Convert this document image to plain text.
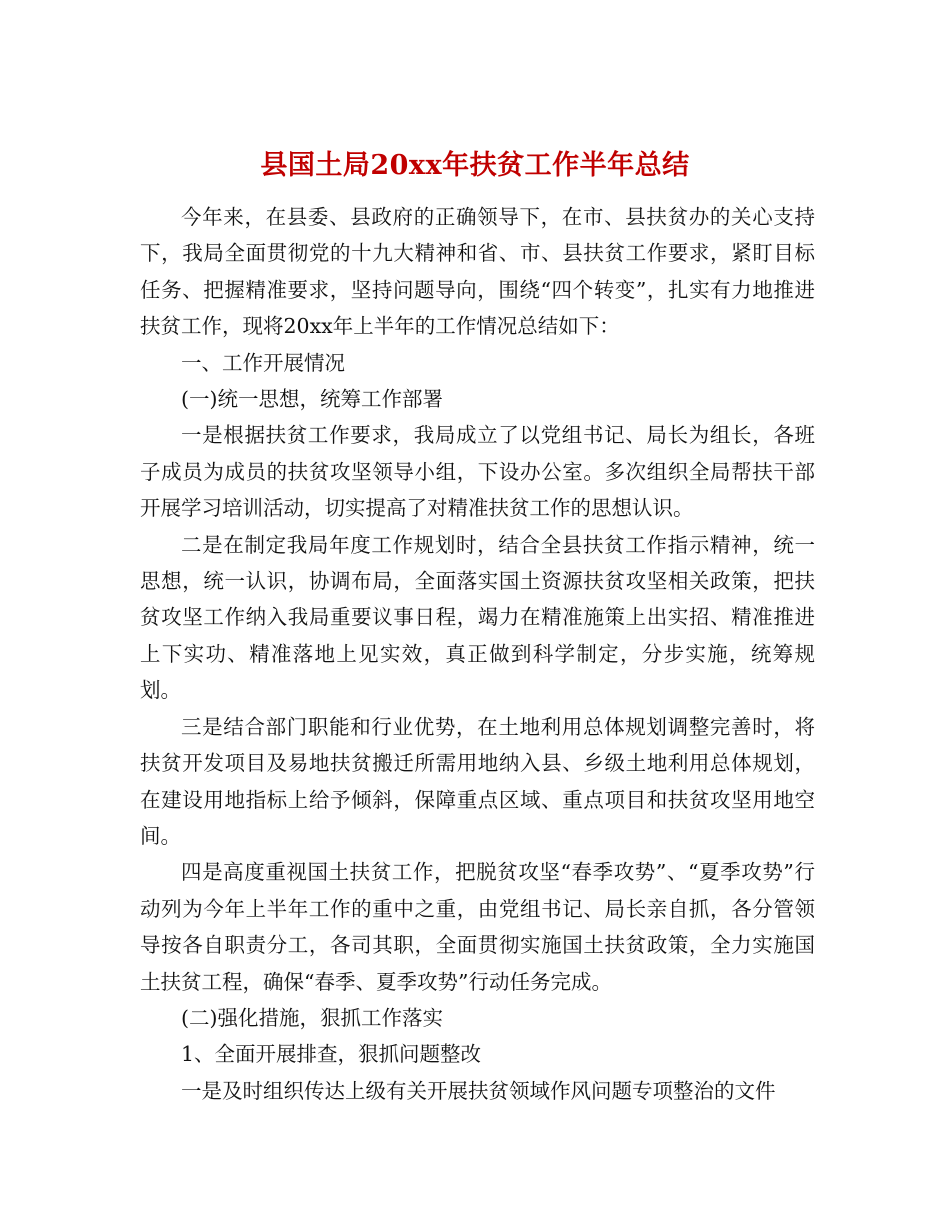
县国土局20xx年扶贫工作半年总结

今年来，在县委、县政府的正确领导下，在市、县扶贫办的关心支持下，我局全面贯彻党的十九大精神和省、市、县扶贫工作要求，紧盯目标任务、把握精准要求，坚持问题导向，围绕“四个转变”，扎实有力地推进扶贫工作，现将20xx年上半年的工作情况总结如下：

一、工作开展情况

(一)统一思想，统筹工作部署

一是根据扶贫工作要求，我局成立了以党组书记、局长为组长，各班子成员为成员的扶贫攻坚领导小组，下设办公室。多次组织全局帮扶干部开展学习培训活动，切实提高了对精准扶贫工作的思想认识。

二是在制定我局年度工作规划时，结合全县扶贫工作指示精神，统一思想，统一认识，协调布局，全面落实国土资源扶贫攻坚相关政策，把扶贫攻坚工作纳入我局重要议事日程，竭力在精准施策上出实招、精准推进上下实功、精准落地上见实效，真正做到科学制定，分步实施，统筹规划。

三是结合部门职能和行业优势，在土地利用总体规划调整完善时，将扶贫开发项目及易地扶贫搬迁所需用地纳入县、乡级土地利用总体规划，在建设用地指标上给予倾斜，保障重点区域、重点项目和扶贫攻坚用地空间。

四是高度重视国土扶贫工作，把脱贫攻坚“春季攻势”、“夏季攻势”行动列为今年上半年工作的重中之重，由党组书记、局长亲自抓，各分管领导按各自职责分工，各司其职，全面贯彻实施国土扶贫政策，全力实施国土扶贫工程，确保“春季、夏季攻势”行动任务完成。

(二)强化措施，狠抓工作落实

1、全面开展排查，狠抓问题整改

一是及时组织传达上级有关开展扶贫领域作风问题专项整治的文件
